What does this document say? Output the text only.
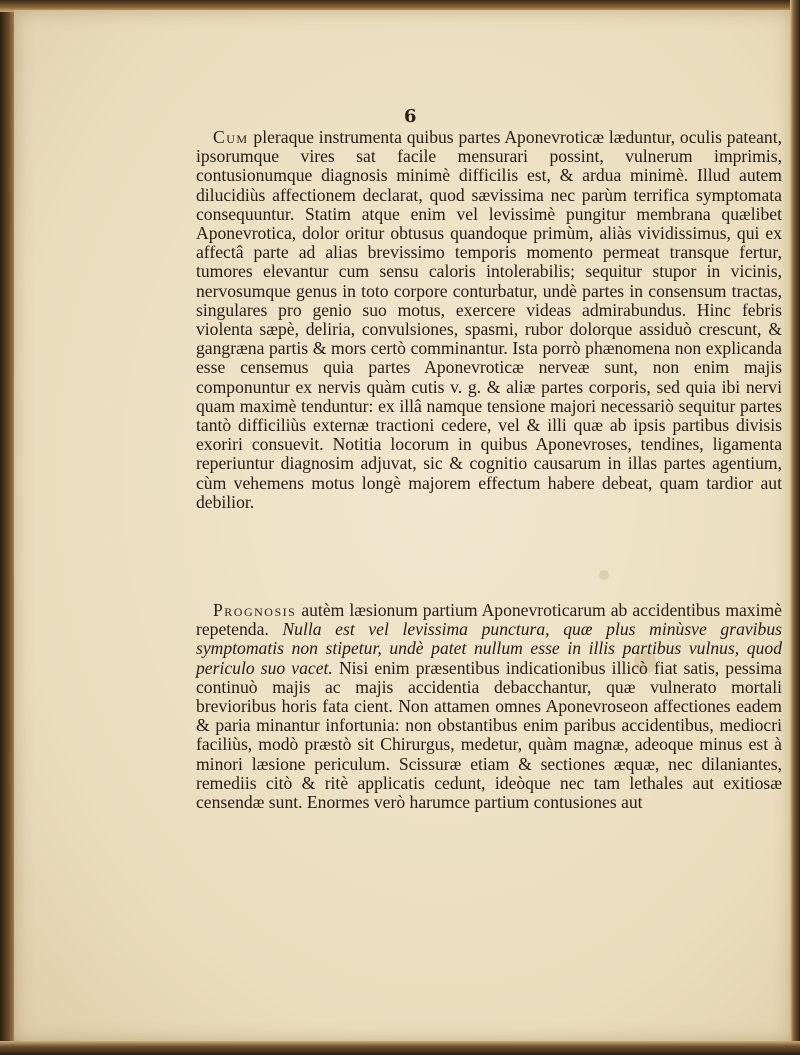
6

Cum pleraque instrumenta quibus partes Aponevroticæ læduntur, oculis pateant, ipsorumque vires sat facile mensurari possint, vulnerum imprimis, contusionumque diagnosis minimè difficilis est, & ardua minimè. Illud autem dilucidiùs affectionem declarat, quod sævissima nec parùm terrifica symptomata consequuntur. Statim atque enim vel levissimè pungitur membrana quælibet Aponevrotica, dolor oritur obtusus quandoque primùm, aliàs vividissimus, qui ex affectâ parte ad alias brevissimo temporis momento permeat transque fertur, tumores elevantur cum sensu caloris intolerabilis; sequitur stupor in vicinis, nervosumque genus in toto corpore conturbatur, undè partes in consensum tractas, singulares pro genio suo motus, exercere videas admirabundus. Hinc febris violenta sæpè, deliria, convulsiones, spasmi, rubor dolorque assiduò crescunt, & gangræna partis & mors certò comminantur. Ista porrò phænomena non explicanda esse censemus quia partes Aponevroticæ nerveæ sunt, non enim majis componuntur ex nervis quàm cutis v. g. & aliæ partes corporis, sed quia ibi nervi quam maximè tenduntur: ex illâ namque tensione majori necessariò sequitur partes tantò difficiliùs externæ tractioni cedere, vel & illi quæ ab ipsis partibus divisis exoriri consuevit. Notitia locorum in quibus Aponevroses, tendines, ligamenta reperiuntur diagnosim adjuvat, sic & cognitio causarum in illas partes agentium, cùm vehemens motus longè majorem effectum habere debeat, quam tardior aut debilior.

Prognosis autèm læsionum partium Aponevroticarum ab accidentibus maximè repetenda. Nulla est vel levissima punctura, quæ plus minùsve gravibus symptomatis non stipetur, undè patet nullum esse in illis partibus vulnus, quod periculo suo vacet. Nisi enim præsentibus indicationibus illicò fiat satis, pessima continuò majis ac majis accidentia debacchantur, quæ vulnerato mortali brevioribus horis fata cient. Non attamen omnes Aponevroseon affectiones eadem & paria minantur infortunia: non obstantibus enim paribus accidentibus, mediocri faciliùs, modò præstò sit Chirurgus, medetur, quàm magnæ, adeoque minus est à minori læsione periculum. Scissuræ etiam & sectiones æquæ, nec dilaniantes, remediis citò & ritè applicatis cedunt, ideòque nec tam lethales aut exitiosæ censendæ sunt. Enormes verò harumce partium contusiones aut
